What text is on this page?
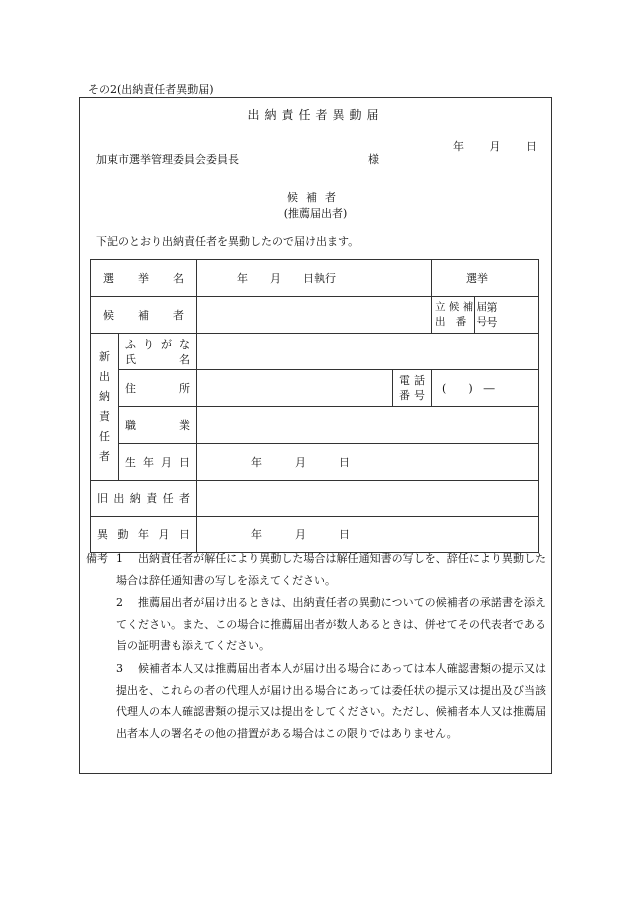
その2(出納責任者異動届)
出納責任者異動届
年 月 日
加東市選挙管理委員会委員長	様
候補者
(推薦届出者)
下記のとおり出納責任者を異動したので届け出ます。
選挙名		年　　月　　日執行		選挙	

候補者				立候補届出番号	第　　号

新出納責任者	ふりがな
氏名				

	住所		電話番号	(　　)　―	

	職業				

	生年月日	年　　　月　　　日			

旧出納責任者					

異動年月日		年　　　月　　　日			
備考 1 出納責任者が解任により異動した場合は解任通知書の写しを、辞任により異動した場合は辞任通知書の写しを添えてください。
2 推薦届出者が届け出るときは、出納責任者の異動についての候補者の承諾書を添えてください。また、この場合に推薦届出者が数人あるときは、併せてその代表者である旨の証明書も添えてください。
3 候補者本人又は推薦届出者本人が届け出る場合にあっては本人確認書類の提示又は提出を、これらの者の代理人が届け出る場合にあっては委任状の提示又は提出及び当該代理人の本人確認書類の提示又は提出をしてください。ただし、候補者本人又は推薦届出者本人の署名その他の措置がある場合はこの限りではありません。
